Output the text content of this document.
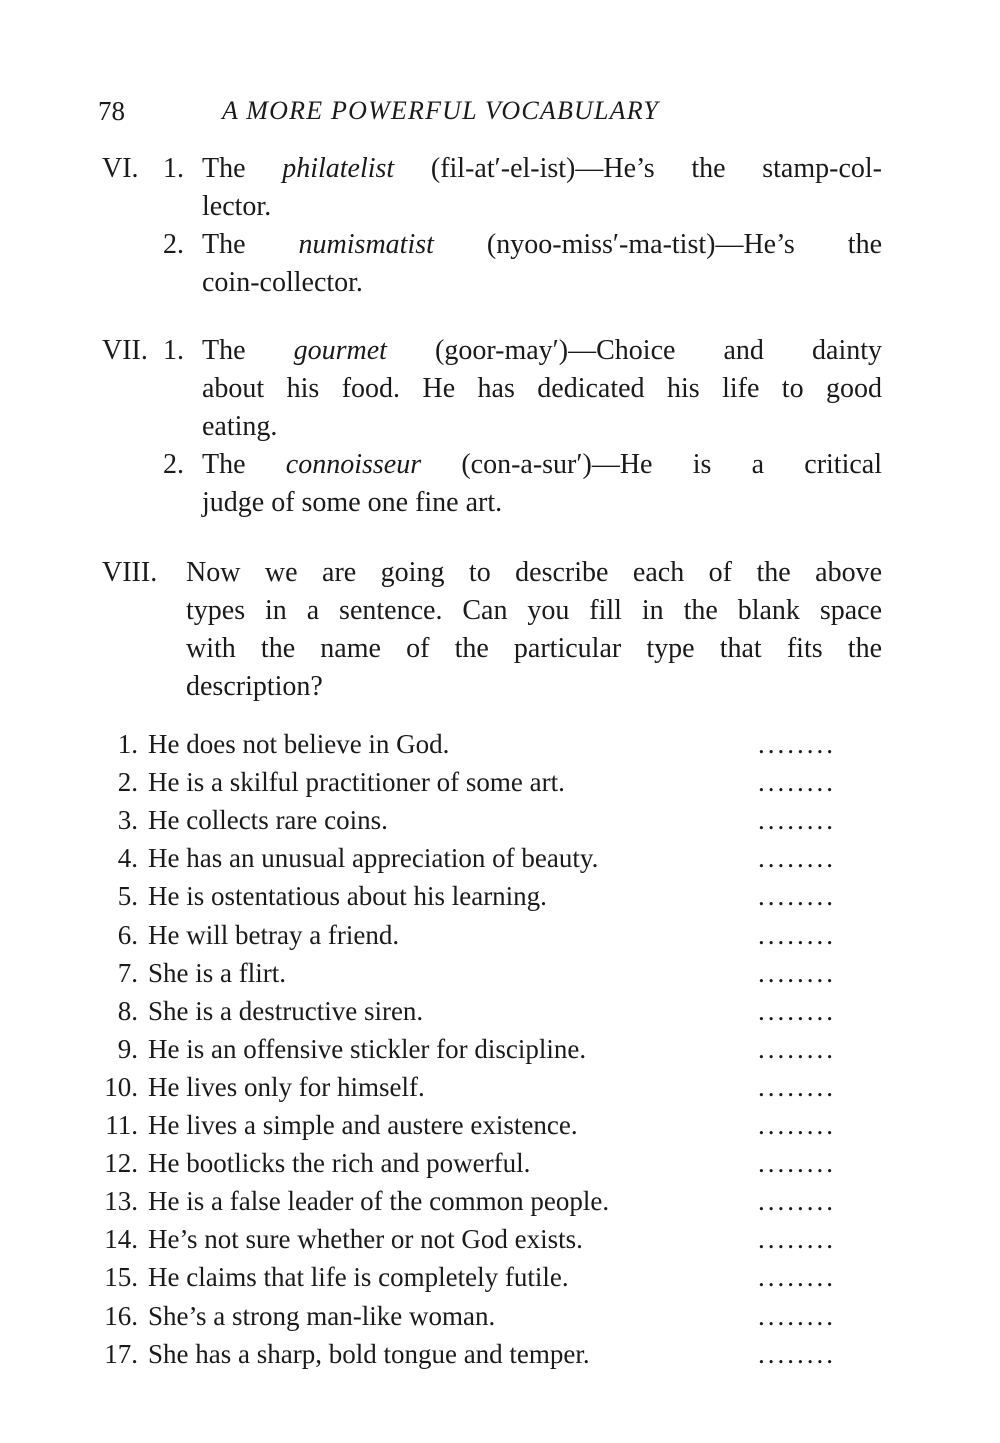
78	A MORE POWERFUL VOCABULARY
VI. 1. The philatelist (fil-at′-el-ist)—He’s the stamp-col-
lector.
2. The numismatist (nyoo-miss′-ma-tist)—He’s the
coin-collector.
VII. 1. The gourmet (goor-may′)—Choice and dainty
about his food. He has dedicated his life to good
eating.
2. The connoisseur (con-a-sur′)—He is a critical
judge of some one fine art.
VIII. Now we are going to describe each of the above
types in a sentence. Can you fill in the blank space
with the name of the particular type that fits the
description?
1. He does not believe in God.	........
2. He is a skilful practitioner of some art.	........
3. He collects rare coins.	........
4. He has an unusual appreciation of beauty.	........
5. He is ostentatious about his learning.	........
6. He will betray a friend.	........
7. She is a flirt.	........
8. She is a destructive siren.	........
9. He is an offensive stickler for discipline.	........
10. He lives only for himself.	........
11. He lives a simple and austere existence.	........
12. He bootlicks the rich and powerful.	........
13. He is a false leader of the common people.	........
14. He’s not sure whether or not God exists.	........
15. He claims that life is completely futile.	........
16. She’s a strong man-like woman.	........
17. She has a sharp, bold tongue and temper.	........
